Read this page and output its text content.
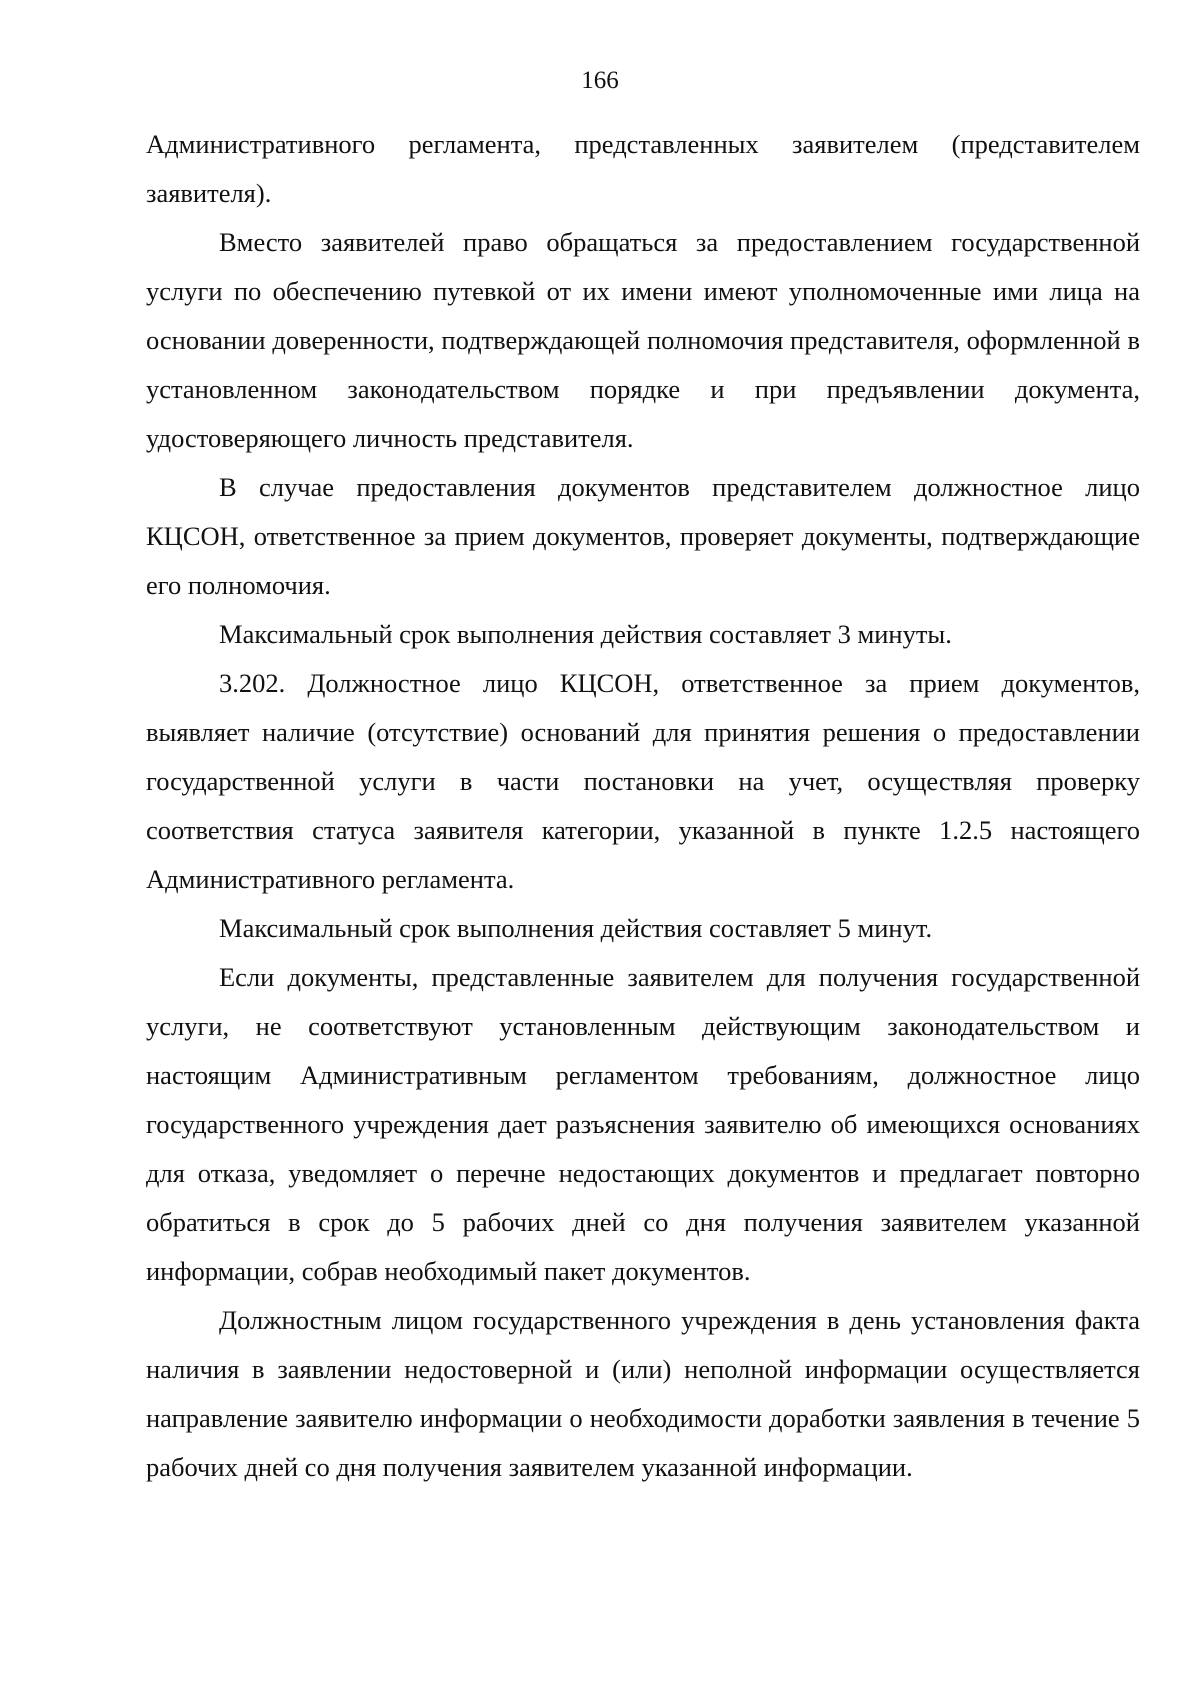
166

Административного регламента, представленных заявителем (представителем заявителя).

Вместо заявителей право обращаться за предоставлением государственной услуги по обеспечению путевкой от их имени имеют уполномоченные ими лица на основании доверенности, подтверждающей полномочия представителя, оформленной в установленном законодательством порядке и при предъявлении документа, удостоверяющего личность представителя.

В случае предоставления документов представителем должностное лицо КЦСОН, ответственное за прием документов, проверяет документы, подтверждающие его полномочия.

Максимальный срок выполнения действия составляет 3 минуты.

3.202. Должностное лицо КЦСОН, ответственное за прием документов, выявляет наличие (отсутствие) оснований для принятия решения о предоставлении государственной услуги в части постановки на учет, осуществляя проверку соответствия статуса заявителя категории, указанной в пункте 1.2.5 настоящего Административного регламента.

Максимальный срок выполнения действия составляет 5 минут.

Если документы, представленные заявителем для получения государственной услуги, не соответствуют установленным действующим законодательством и настоящим Административным регламентом требованиям, должностное лицо государственного учреждения дает разъяснения заявителю об имеющихся основаниях для отказа, уведомляет о перечне недостающих документов и предлагает повторно обратиться в срок до 5 рабочих дней со дня получения заявителем указанной информации, собрав необходимый пакет документов.

Должностным лицом государственного учреждения в день установления факта наличия в заявлении недостоверной и (или) неполной информации осуществляется направление заявителю информации о необходимости доработки заявления в течение 5 рабочих дней со дня получения заявителем указанной информации.
